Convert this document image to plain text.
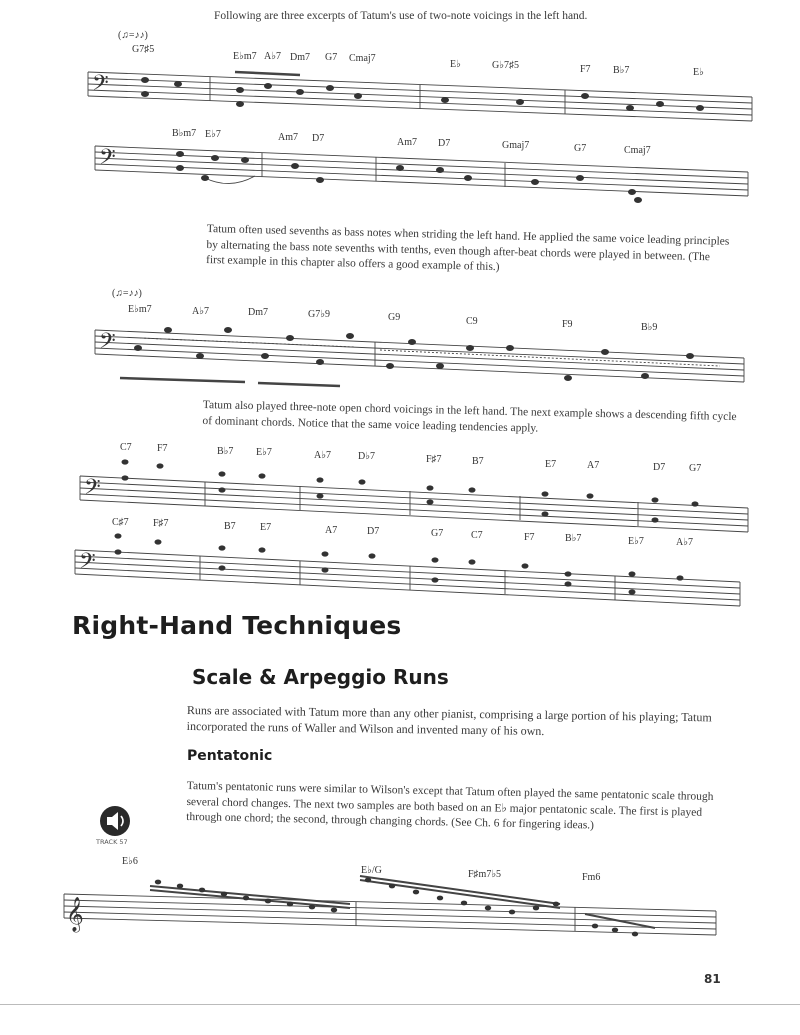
Following are three excerpts of Tatum's use of two-note voicings in the left hand.
(♫=♪♪)
G7♯5
E♭m7 A♭7 Dm7 G7 Cmaj7
E♭	G♭7♯5	F7 B♭7	E♭
𝄢
B♭m7 E♭7	Am7 D7	Am7 D7	Gmaj7	G7	Cmaj7
𝄢

Tatum often used sevenths as bass notes when striding the left hand. He applied the same voice leading principles by alternating the bass note sevenths with tenths, even though after-beat chords were played in between. (The first example in this chapter also offers a good example of this.)

(♫=♪♪)
E♭m7	A♭7	Dm7	G7♭9	G9	C9	F9	B♭9
𝄢

Tatum also played three-note open chord voicings in the left hand. The next example shows a descending fifth cycle of dominant chords. Notice that the same voice leading tendencies apply.

C7	F7	B♭7 E♭7	A♭7	D♭7	F♯7	B7	E7	A7	D7 G7
𝄢
C♯7 F♯7	B7 E7	A7	D7	G7	C7	F7	B♭7	E♭7	A♭7
𝄢
Right-Hand Techniques
Scale & Arpeggio Runs

Runs are associated with Tatum more than any other pianist, comprising a large portion of his playing; Tatum incorporated the runs of Waller and Wilson and invented many of his own.

Pentatonic

Tatum's pentatonic runs were similar to Wilson's except that Tatum often played the same pentatonic scale through several chord changes. The next two samples are both based on an E♭ major pentatonic scale. The first is played through one chord; the second, through changing chords. (See Ch. 6 for fingering ideas.)

TRACK 57
E♭6
E♭/G	F♯m7♭5	Fm6
𝄞
81
